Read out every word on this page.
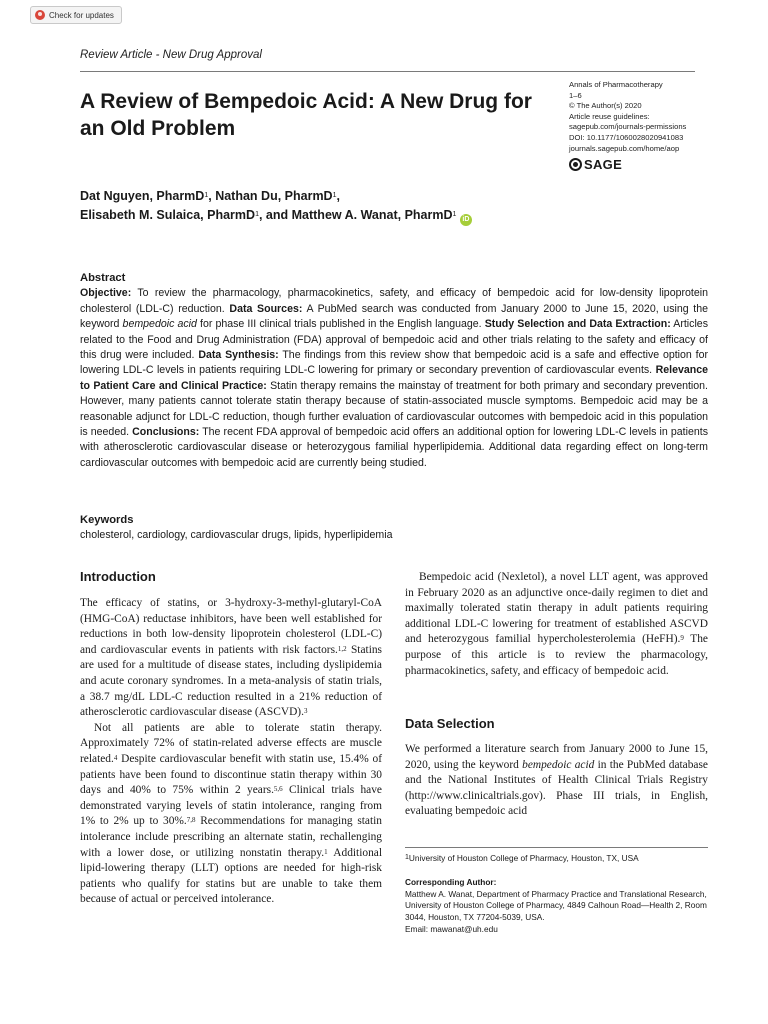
Check for updates
Review Article - New Drug Approval
A Review of Bempedoic Acid: A New Drug for an Old Problem
Annals of Pharmacotherapy
1–6
© The Author(s) 2020
Article reuse guidelines:
sagepub.com/journals-permissions
DOI: 10.1177/1060028020941083
journals.sagepub.com/home/aop
SAGE
Dat Nguyen, PharmD$^1$, Nathan Du, PharmD$^1$,
Elisabeth M. Sulaica, PharmD$^1$, and Matthew A. Wanat, PharmD$^1$ iD
Abstract
Objective: To review the pharmacology, pharmacokinetics, safety, and efficacy of bempedoic acid for low-density lipoprotein cholesterol (LDL-C) reduction. Data Sources: A PubMed search was conducted from January 2000 to June 15, 2020, using the keyword bempedoic acid for phase III clinical trials published in the English language. Study Selection and Data Extraction: Articles related to the Food and Drug Administration (FDA) approval of bempedoic acid and other trials relating to the safety and efficacy of this drug were included. Data Synthesis: The findings from this review show that bempedoic acid is a safe and effective option for lowering LDL-C levels in patients requiring LDL-C lowering for primary or secondary prevention of cardiovascular events. Relevance to Patient Care and Clinical Practice: Statin therapy remains the mainstay of treatment for both primary and secondary prevention. However, many patients cannot tolerate statin therapy because of statin-associated muscle symptoms. Bempedoic acid may be a reasonable adjunct for LDL-C reduction, though further evaluation of cardiovascular outcomes with bempedoic acid in this population is needed. Conclusions: The recent FDA approval of bempedoic acid offers an additional option for lowering LDL-C levels in patients with atherosclerotic cardiovascular disease or heterozygous familial hyperlipidemia. Additional data regarding effect on long-term cardiovascular outcomes with bempedoic acid are currently being studied.
Keywords
cholesterol, cardiology, cardiovascular drugs, lipids, hyperlipidemia
Introduction

The efficacy of statins, or 3-hydroxy-3-methyl-glutaryl-CoA (HMG-CoA) reductase inhibitors, have been well established for reductions in both low-density lipoprotein cholesterol (LDL-C) and cardiovascular events in patients with risk factors.$^{1,2}$ Statins are used for a multitude of disease states, including dyslipidemia and acute coronary syndromes. In a meta-analysis of statin trials, a 38.7 mg/dL LDL-C reduction resulted in a 21% reduction of atherosclerotic cardiovascular disease (ASCVD).$^3$

Not all patients are able to tolerate statin therapy. Approximately 72% of statin-related adverse effects are muscle related.$^4$ Despite cardiovascular benefit with statin use, 15.4% of patients have been found to discontinue statin therapy within 30 days and 40% to 75% within 2 years.$^{5,6}$ Clinical trials have demonstrated varying levels of statin intolerance, ranging from 1% to 2% up to 30%.$^{7,8}$ Recommendations for managing statin intolerance include prescribing an alternate statin, rechallenging with a lower dose, or utilizing nonstatin therapy.$^1$ Additional lipid-lowering therapy (LLT) options are needed for high-risk patients who qualify for statins but are unable to take them because of actual or perceived intolerance.

Bempedoic acid (Nexletol), a novel LLT agent, was approved in February 2020 as an adjunctive once-daily regimen to diet and maximally tolerated statin therapy in adult patients requiring additional LDL-C lowering for treatment of established ASCVD and heterozygous familial hypercholesterolemia (HeFH).$^9$ The purpose of this article is to review the pharmacology, pharmacokinetics, safety, and efficacy of bempedoic acid.

Data Selection

We performed a literature search from January 2000 to June 15, 2020, using the keyword bempedoic acid in the PubMed database and the National Institutes of Health Clinical Trials Registry (http://www.clinicaltrials.gov). Phase III trials, in English, evaluating bempedoic acid

$^1$University of Houston College of Pharmacy, Houston, TX, USA
Corresponding Author:
Matthew A. Wanat, Department of Pharmacy Practice and Translational Research, University of Houston College of Pharmacy, 4849 Calhoun Road—Health 2, Room 3044, Houston, TX 77204-5039, USA.
Email: mawanat@uh.edu
